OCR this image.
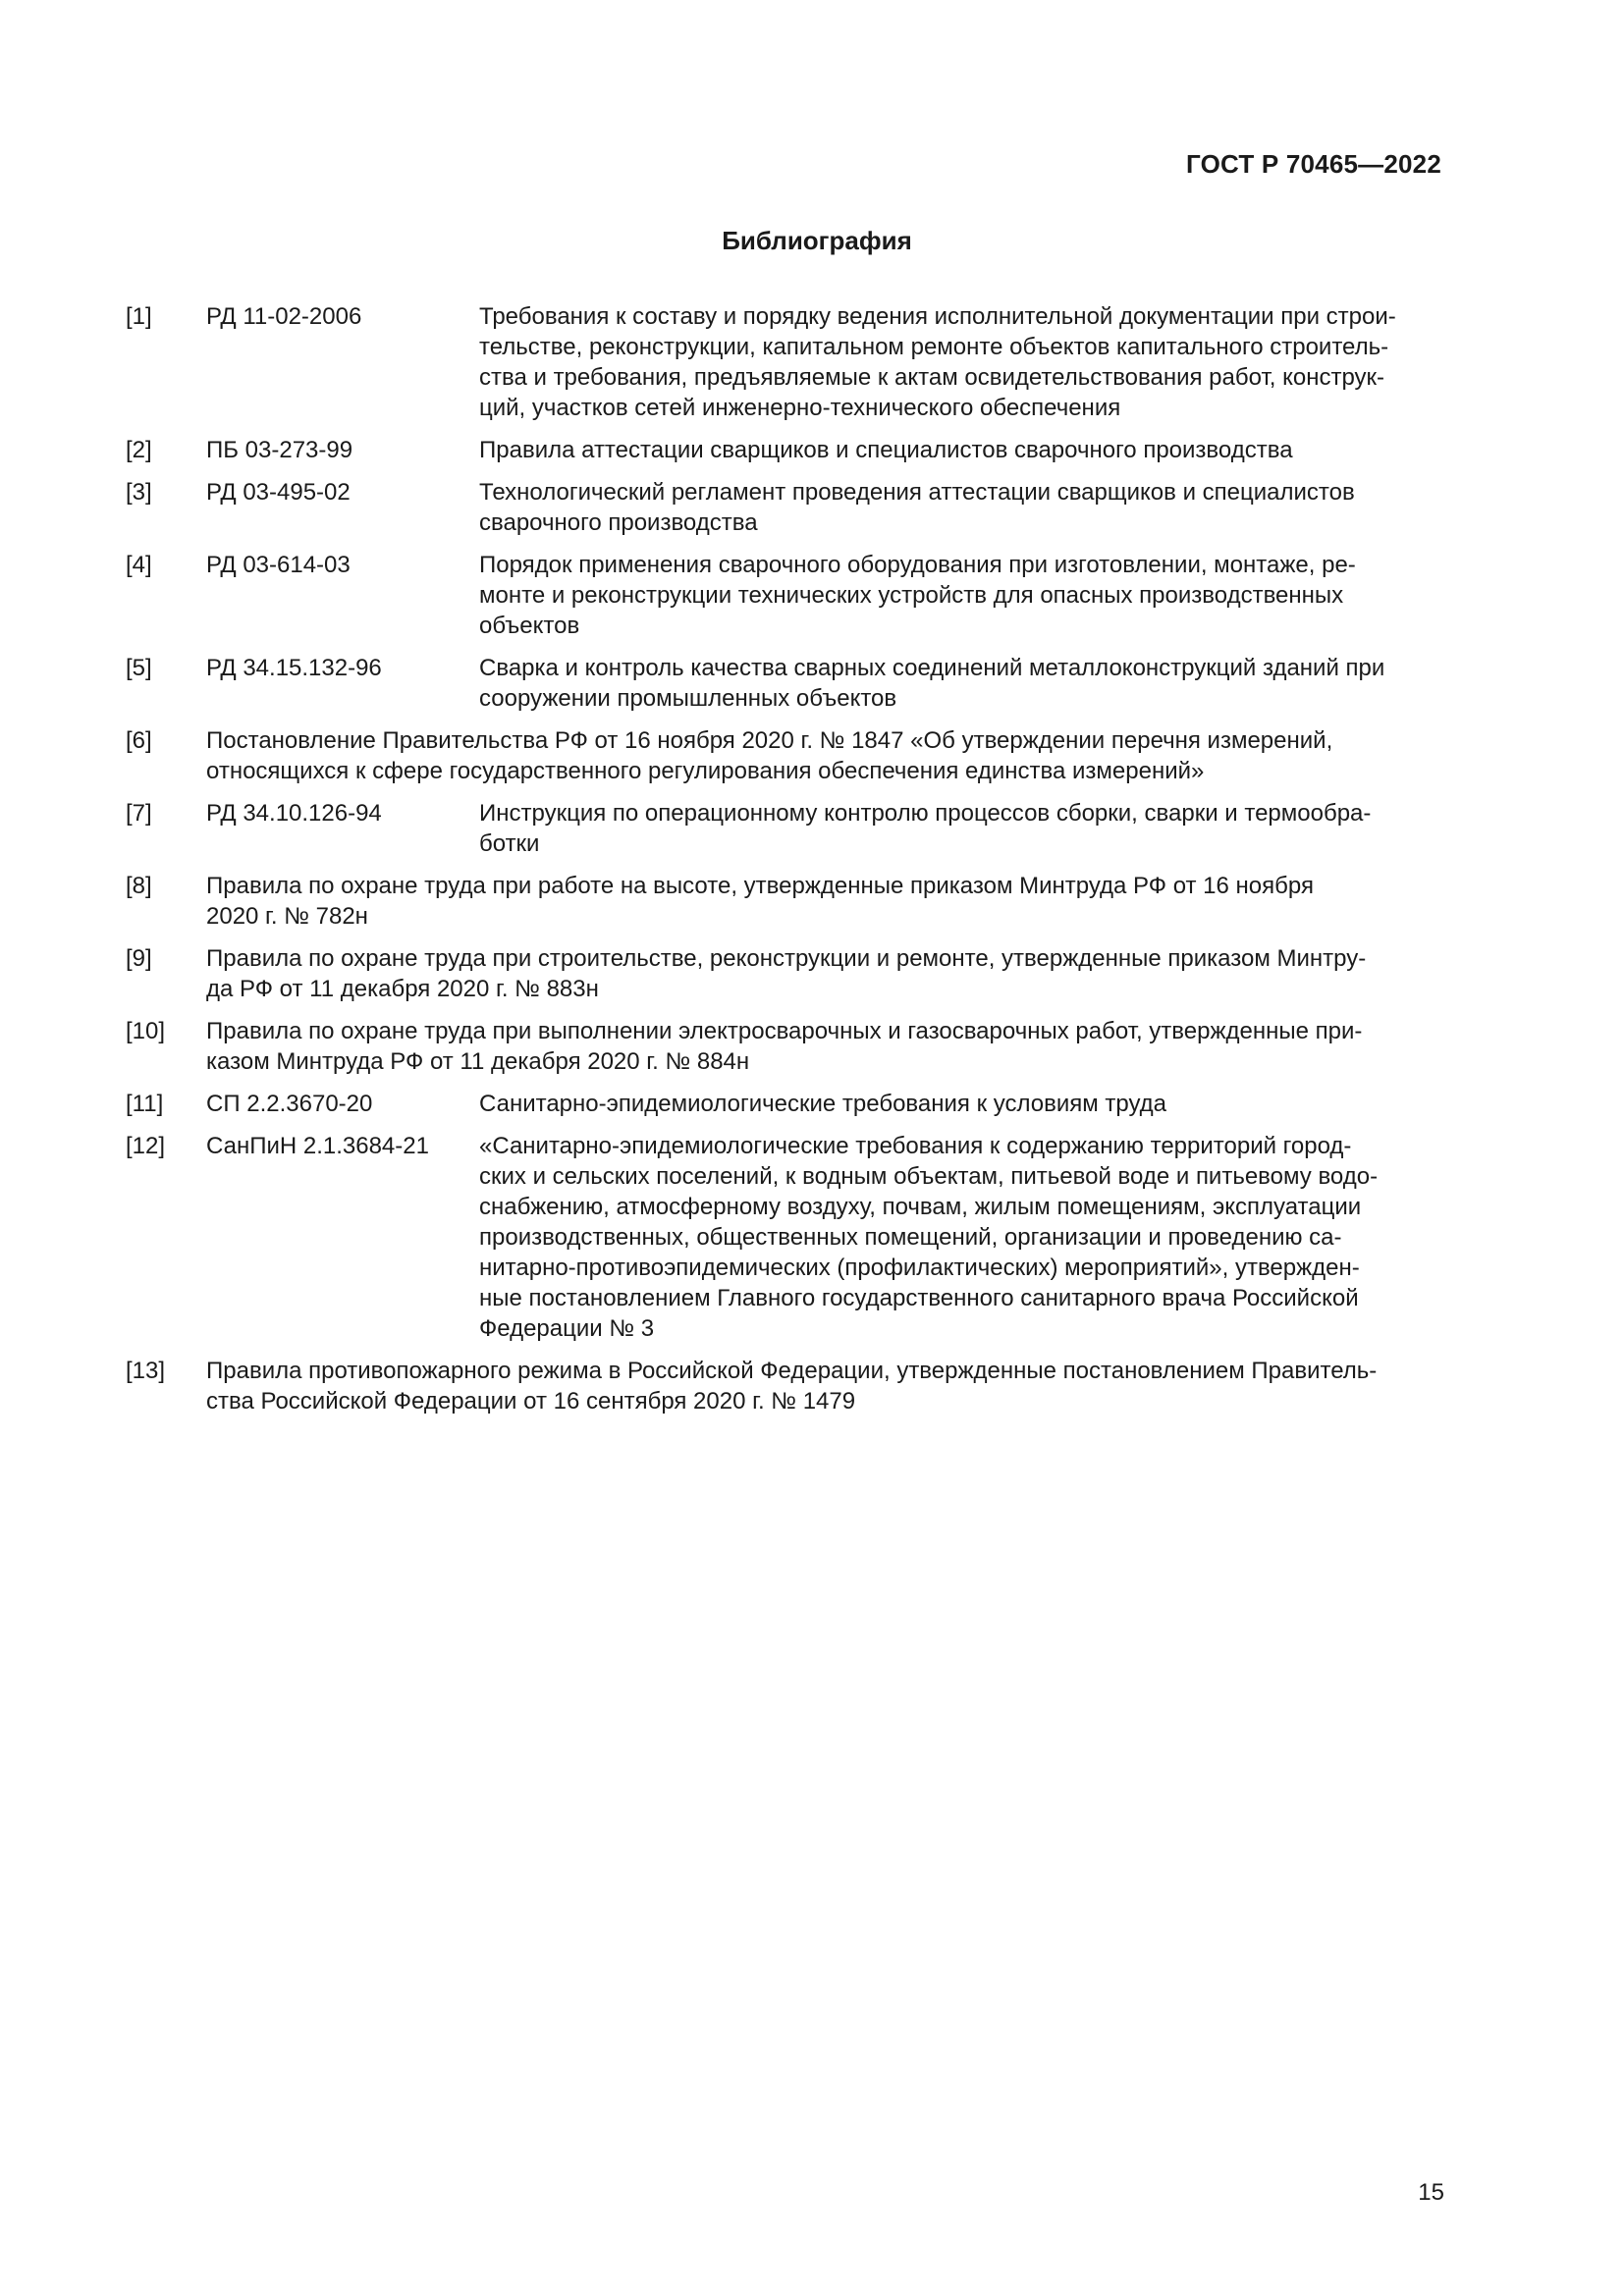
ГОСТ Р 70465—2022
Библиография
[1]	РД 11-02-2006	Требования к составу и порядку ведения исполнительной документации при строи-
тельстве, реконструкции, капитальном ремонте объектов капитального строитель-
ства и требования, предъявляемые к актам освидетельствования работ, конструк-
ций, участков сетей инженерно-технического обеспечения
[2]	ПБ 03-273-99	Правила аттестации сварщиков и специалистов сварочного производства
[3]	РД 03-495-02	Технологический регламент проведения аттестации сварщиков и специалистов
сварочного производства
[4]	РД 03-614-03	Порядок применения сварочного оборудования при изготовлении, монтаже, ре-
монте и реконструкции технических устройств для опасных производственных
объектов
[5]	РД 34.15.132-96	Сварка и контроль качества сварных соединений металлоконструкций зданий при
сооружении промышленных объектов
[6]	Постановление Правительства РФ от 16 ноября 2020 г. № 1847 «Об утверждении перечня измерений,
относящихся к сфере государственного регулирования обеспечения единства измерений»
[7]	РД 34.10.126-94	Инструкция по операционному контролю процессов сборки, сварки и термообра-
ботки
[8]	Правила по охране труда при работе на высоте, утвержденные приказом Минтруда РФ от 16 ноября
2020 г. № 782н
[9]	Правила по охране труда при строительстве, реконструкции и ремонте, утвержденные приказом Минтру-
да РФ от 11 декабря 2020 г. № 883н
[10]	Правила по охране труда при выполнении электросварочных и газосварочных работ, утвержденные при-
казом Минтруда РФ от 11 декабря 2020 г. № 884н
[11]	СП 2.2.3670-20	Санитарно-эпидемиологические требования к условиям труда
[12]	СанПиН 2.1.3684-21	«Санитарно-эпидемиологические требования к содержанию территорий город-
ских и сельских поселений, к водным объектам, питьевой воде и питьевому водо-
снабжению, атмосферному воздуху, почвам, жилым помещениям, эксплуатации
производственных, общественных помещений, организации и проведению са-
нитарно-противоэпидемических (профилактических) мероприятий», утвержден-
ные постановлением Главного государственного санитарного врача Российской
Федерации № 3
[13]	Правила противопожарного режима в Российской Федерации, утвержденные постановлением Правитель-
ства Российской Федерации от 16 сентября 2020 г. № 1479
15
